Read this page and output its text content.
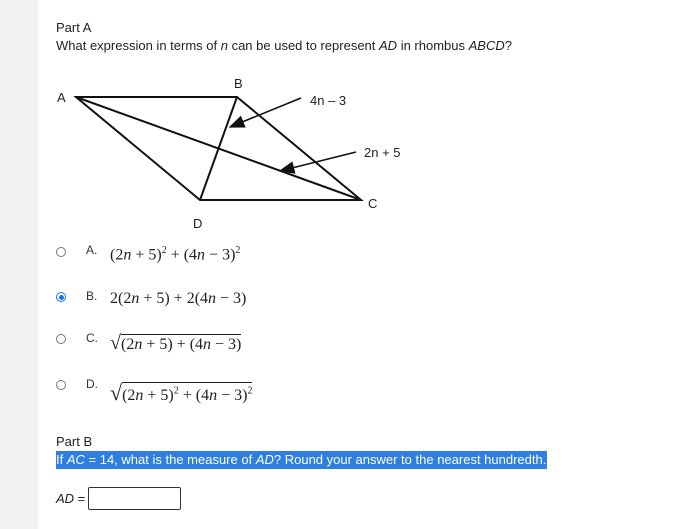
Part A
What expression in terms of n can be used to represent AD in rhombus ABCD?
A
B
C
D
4n – 3
2n + 5
A. $(2n + 5)^2 + (4n - 3)^2$
B. 2(2n + 5) + 2(4n − 3)
C. √(2n + 5) + (4n − 3)
D. $√(2n + 5)^2 + (4n - 3)^2$
Part B
If AC = 14, what is the measure of AD? Round your answer to the nearest hundredth.
AD =
